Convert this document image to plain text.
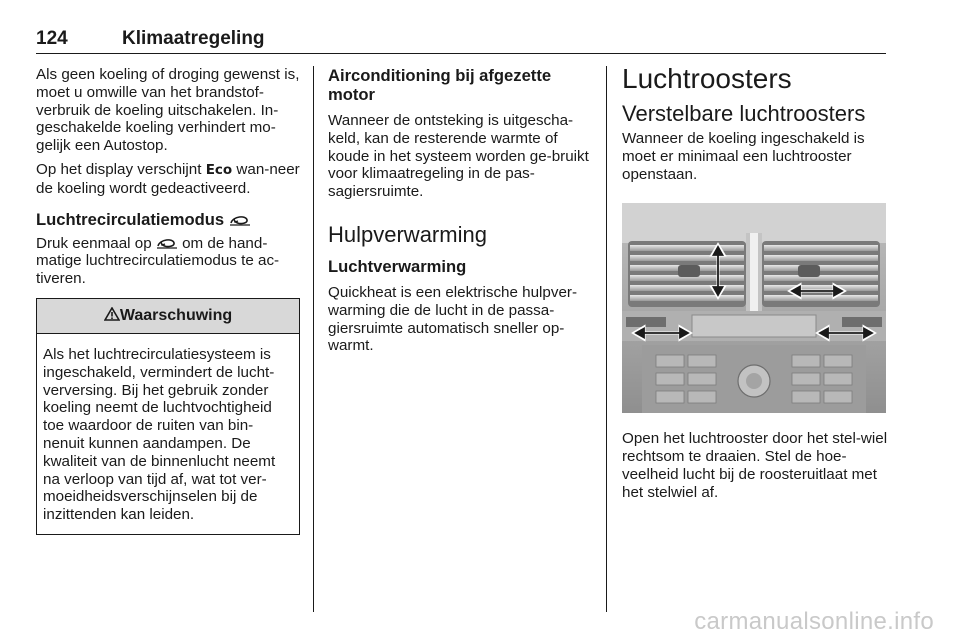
124	Klimaatregeling

Als geen koeling of droging gewenst is, moet u omwille van het brandstof-verbruik de koeling uitschakelen. In-geschakelde koeling verhindert mo-gelijk een Autostop.

Op het display verschijnt Eco wan-neer de koeling wordt gedeactiveerd.

Luchtrecirculatiemodus

Druk eenmaal op  om de hand-matige luchtrecirculatiemodus te ac-tiveren.

Waarschuwing
Als het luchtrecirculatiesysteem is ingeschakeld, vermindert de lucht-verversing. Bij het gebruik zonder koeling neemt de luchtvochtigheid toe waardoor de ruiten van bin-nenuit kunnen aandampen. De kwaliteit van de binnenlucht neemt na verloop van tijd af, wat tot ver-moeidheidsverschijnselen bij de inzittenden kan leiden.
Airconditioning bij afgezette motor

Wanneer de ontsteking is uitgescha-keld, kan de resterende warmte of koude in het systeem worden ge-bruikt voor klimaatregeling in de pas-sagiersruimte.

Hulpverwarming
Luchtverwarming

Quickheat is een elektrische hulpver-warming die de lucht in de passa-giersruimte automatisch sneller op-warmt.

Luchtroosters
Verstelbare luchtroosters

Wanneer de koeling ingeschakeld is moet er minimaal een luchtrooster openstaan.

Open het luchtrooster door het stel-wiel rechtsom te draaien. Stel de hoe-veelheid lucht bij de roosteruitlaat met het stelwiel af.

carmanualsonline.info
